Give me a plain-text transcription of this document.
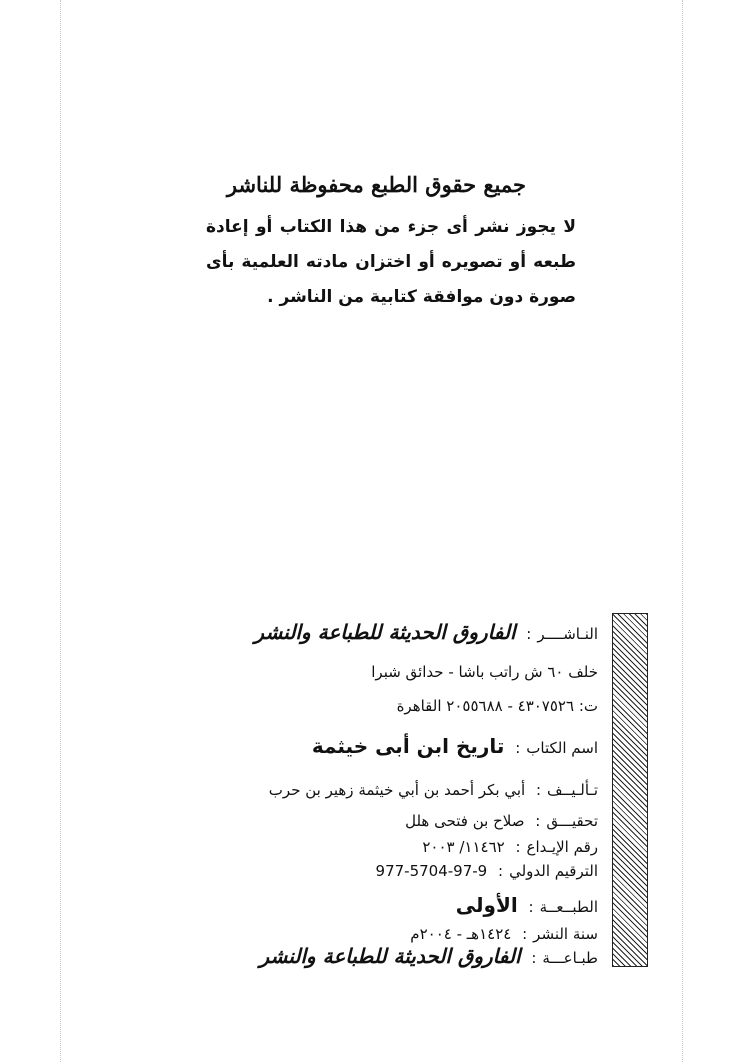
جميع حقوق الطبع محفوظة للناشر
لا يجوز نشر أى جزء من هذا الكتاب أو إعادة طبعه أو تصويره أو اختزان مادته العلمية بأى صورة دون موافقة كتابية من الناشر .
النـاشــــر: الفاروق الحديثة للطباعة والنشر
خلف ٦٠ ش راتب باشا - حدائق شبرا
ت: ٤٣٠٧٥٢٦ - ٢٠٥٥٦٨٨ القاهرة
اسم الكتاب: تاريخ ابن أبى خيثمة
تـألـيــف: أبي بكر أحمد بن أبي خيثمة زهير بن حرب
تحقيـــق: صلاح بن فتحى هلل
رقم الإيـداع: ١١٤٦٢/ ٢٠٠٣
الترقيم الدولي: 977-5704-97-9
الطبــعــة: الأولى
سنة النشر: ١٤٢٤هـ - ٢٠٠٤م
طبـاعـــة: الفاروق الحديثة للطباعة والنشر
